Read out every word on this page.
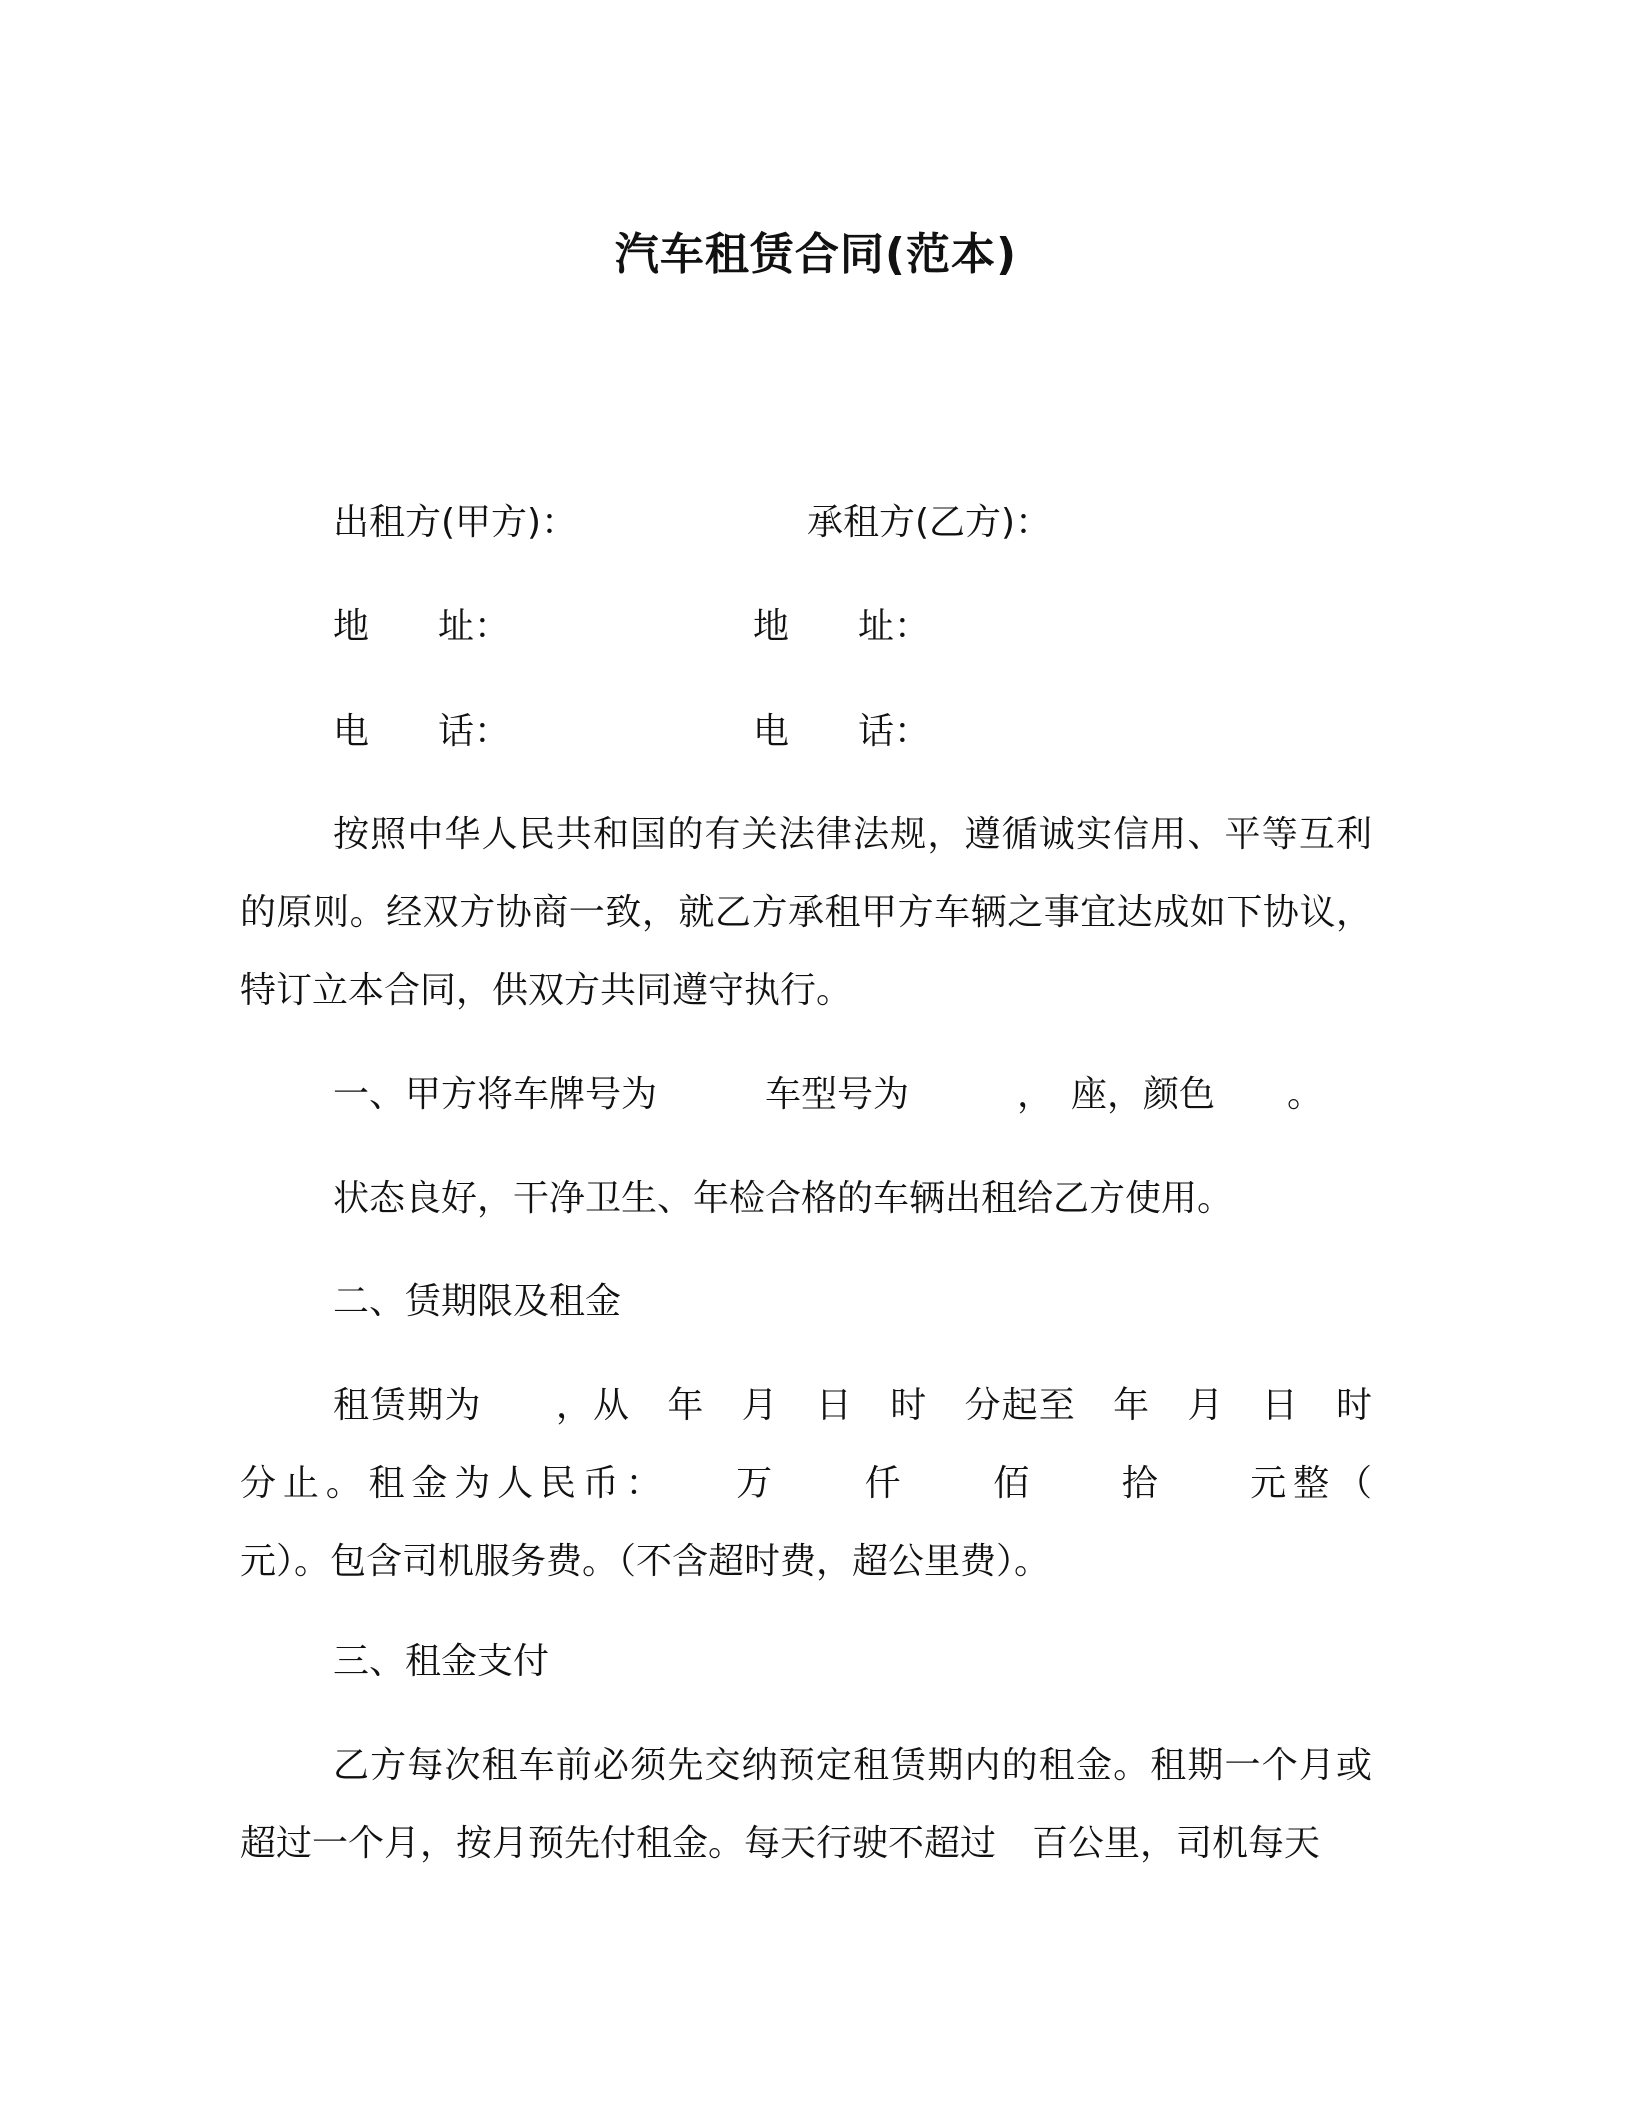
汽车租赁合同(范本)
出租方(甲方)：	承租方(乙方)：
地 址：	地 址：
电 话：	电 话：
按照中华人民共和国的有关法律法规，遵循诚实信用、平等互利的原则。经双方协商一致，就乙方承租甲方车辆之事宜达成如下协议，特订立本合同，供双方共同遵守执行。
一、甲方将车牌号为　　　车型号为　　　，　座，颜色　　。
状态良好，干净卫生、年检合格的车辆出租给乙方使用。
二、赁期限及租金
租赁期为　　，从　年　月　日　时　分起至　年　月　日　时　分止。租金为人民币：　　万　　仟　　佰　　拾　　元整（　　　元）。包含司机服务费。（不含超时费，超公里费）。
三、租金支付
乙方每次租车前必须先交纳预定租赁期内的租金。租期一个月或超过一个月，按月预先付租金。每天行驶不超过　百公里，司机每天
